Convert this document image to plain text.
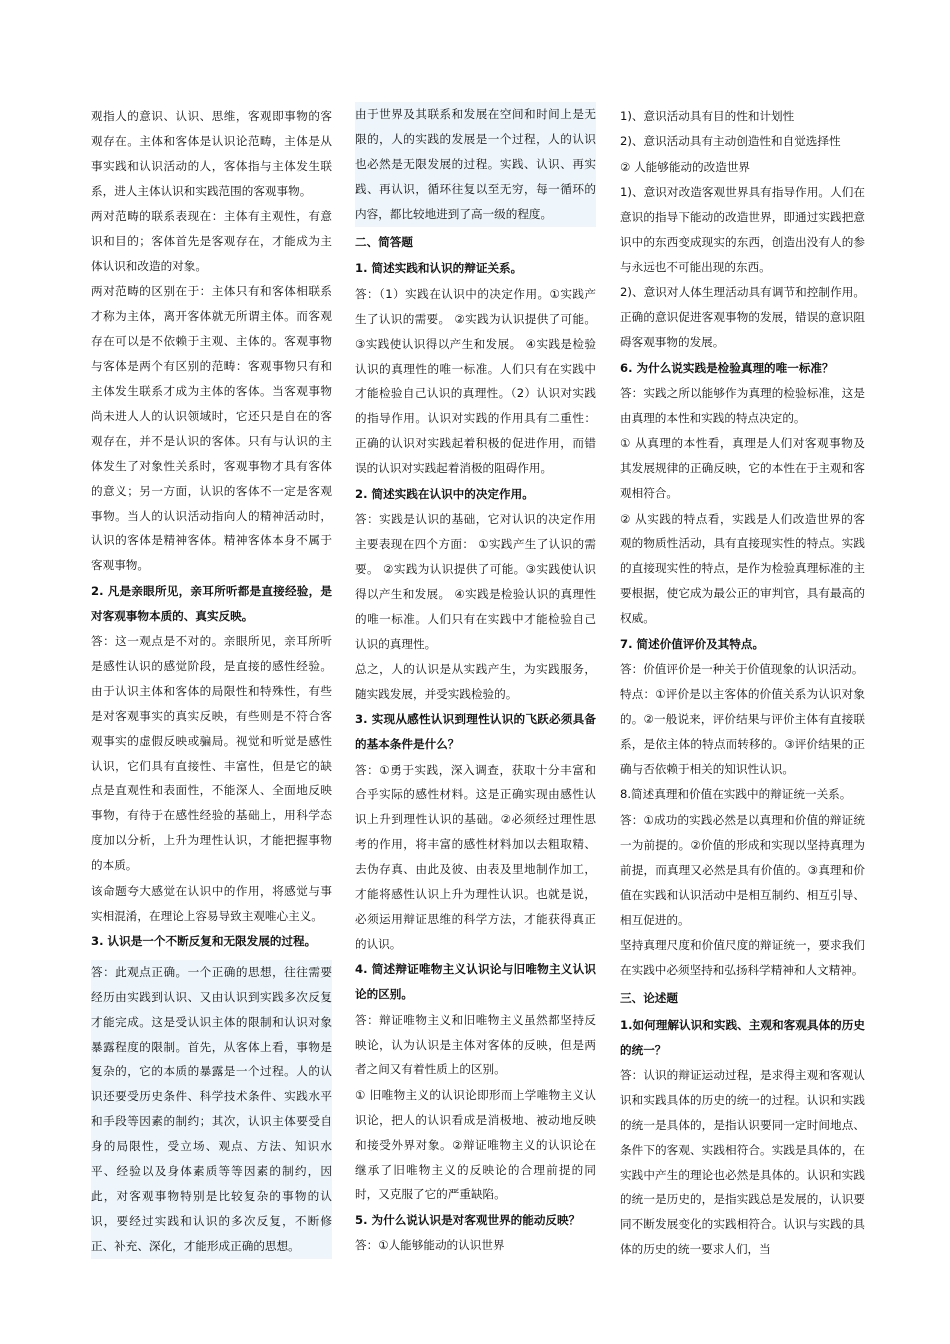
观指人的意识、认识、思维，客观即事物的客观存在。主体和客体是认识论范畴，主体是从事实践和认识活动的人，客体指与主体发生联系，进人主体认识和实践范围的客观事物。

两对范畴的联系表现在：主体有主观性，有意识和目的；客体首先是客观存在，才能成为主体认识和改造的对象。

两对范畴的区别在于：主体只有和客体相联系才称为主体，离开客体就无所谓主体。而客观存在可以是不依赖于主观、主体的。客观事物与客体是两个有区别的范畴：客观事物只有和主体发生联系才成为主体的客体。当客观事物尚未进人人的认识领域时，它还只是自在的客观存在，并不是认识的客体。只有与认识的主体发生了对象性关系时，客观事物才具有客体的意义；另一方面，认识的客体不一定是客观事物。当人的认识活动指向人的精神活动时，认识的客体是精神客体。精神客体本身不属于客观事物。

2. 凡是亲眼所见，亲耳所听都是直接经验，是对客观事物本质的、真实反映。

答：这一观点是不对的。亲眼所见，亲耳所听是感性认识的感觉阶段，是直接的感性经验。由于认识主体和客体的局限性和特殊性，有些是对客观事实的真实反映，有些则是不符合客观事实的虚假反映或骗局。视觉和听觉是感性认识，它们具有直接性、丰富性，但是它的缺点是直观性和表面性，不能深人、全面地反映事物，有待于在感性经验的基础上，用科学态度加以分析，上升为理性认识，才能把握事物的本质。

该命题夸大感觉在认识中的作用，将感觉与事实相混淆，在理论上容易导致主观唯心主义。

3. 认识是一个不断反复和无限发展的过程。

答：此观点正确。一个正确的思想，往往需要经历由实践到认识、又由认识到实践多次反复才能完成。这是受认识主体的限制和认识对象暴露程度的限制。首先，从客体上看，事物是复杂的，它的本质的暴露是一个过程。人的认识还要受历史条件、科学技术条件、实践水平和手段等因素的制约；其次，认识主体要受自身的局限性，受立场、观点、方法、知识水平、经验以及身体素质等等因素的制约，因此，对客观事物特别是比较复杂的事物的认识，要经过实践和认识的多次反复，不断修正、补充、深化，才能形成正确的思想。

由于世界及其联系和发展在空间和时间上是无限的，人的实践的发展是一个过程，人的认识也必然是无限发展的过程。实践、认识、再实践、再认识，循环往复以至无穷，每一循环的内容，都比较地进到了高一级的程度。

二、简答题

1. 简述实践和认识的辩证关系。

答：（1）实践在认识中的决定作用。①实践产生了认识的需要。 ②实践为认识提供了可能。③实践使认识得以产生和发展。 ④实践是检验认识的真理性的唯一标准。人们只有在实践中才能检验自己认识的真理性。（2）认识对实践的指导作用。认识对实践的作用具有二重性：正确的认识对实践起着积极的促进作用，而错误的认识对实践起着消极的阻碍作用。

2. 简述实践在认识中的决定作用。

答：实践是认识的基础，它对认识的决定作用主要表现在四个方面： ①实践产生了认识的需要。 ②实践为认识提供了可能。③实践使认识得以产生和发展。 ④实践是检验认识的真理性的唯一标准。人们只有在实践中才能检验自己认识的真理性。

总之，人的认识是从实践产生，为实践服务，随实践发展，并受实践检验的。

3. 实现从感性认识到理性认识的飞跃必须具备的基本条件是什么？

答：①勇于实践，深入调查，获取十分丰富和合乎实际的感性材料。这是正确实现由感性认识上升到理性认识的基础。②必须经过理性思考的作用，将丰富的感性材料加以去粗取精、去伪存真、由此及彼、由表及里地制作加工，才能将感性认识上升为理性认识。也就是说，必须运用辩证思维的科学方法，才能获得真正的认识。

4. 简述辩证唯物主义认识论与旧唯物主义认识论的区别。

答：辩证唯物主义和旧唯物主义虽然都坚持反映论，认为认识是主体对客体的反映，但是两者之间又有着性质上的区别。

① 旧唯物主义的认识论即形而上学唯物主义认识论，把人的认识看成是消极地、被动地反映和接受外界对象。②辩证唯物主义的认识论在继承了旧唯物主义的反映论的合理前提的同时，又克服了它的严重缺陷。

5. 为什么说认识是对客观世界的能动反映？

答：①人能够能动的认识世界

1)、意识活动具有目的性和计划性

2)、意识活动具有主动创造性和自觉选择性

② 人能够能动的改造世界

1)、意识对改造客观世界具有指导作用。人们在意识的指导下能动的改造世界，即通过实践把意识中的东西变成现实的东西，创造出没有人的参与永远也不可能出现的东西。

2)、意识对人体生理活动具有调节和控制作用。正确的意识促进客观事物的发展，错误的意识阻碍客观事物的发展。

6. 为什么说实践是检验真理的唯一标准？

答：实践之所以能够作为真理的检验标准，这是由真理的本性和实践的特点决定的。

① 从真理的本性看，真理是人们对客观事物及其发展规律的正确反映，它的本性在于主观和客观相符合。

② 从实践的特点看，实践是人们改造世界的客观的物质性活动，具有直接现实性的特点。实践的直接现实性的特点，是作为检验真理标准的主要根据，使它成为最公正的审判官，具有最高的权威。

7. 简述价值评价及其特点。

答：价值评价是一种关于价值现象的认识活动。

特点：①评价是以主客体的价值关系为认识对象的。②一般说来，评价结果与评价主体有直接联系，是依主体的特点而转移的。③评价结果的正确与否依赖于相关的知识性认识。

8.简述真理和价值在实践中的辩证统一关系。

答：①成功的实践必然是以真理和价值的辩证统一为前提的。②价值的形成和实现以坚持真理为前提，而真理又必然是具有价值的。③真理和价值在实践和认识活动中是相互制约、相互引导、相互促进的。

坚持真理尺度和价值尺度的辩证统一，要求我们在实践中必须坚持和弘扬科学精神和人文精神。

三、论述题

1.如何理解认识和实践、主观和客观具体的历史的统一？

答：认识的辩证运动过程，是求得主观和客观认识和实践具体的历史的统一的过程。认识和实践的统一是具体的，是指认识要同一定时间地点、条件下的客观、实践相符合。实践是具体的，在实践中产生的理论也必然是具体的。认识和实践的统一是历史的，是指实践总是发展的，认识要同不断发展变化的实践相符合。认识与实践的具体的历史的统一要求人们，当
